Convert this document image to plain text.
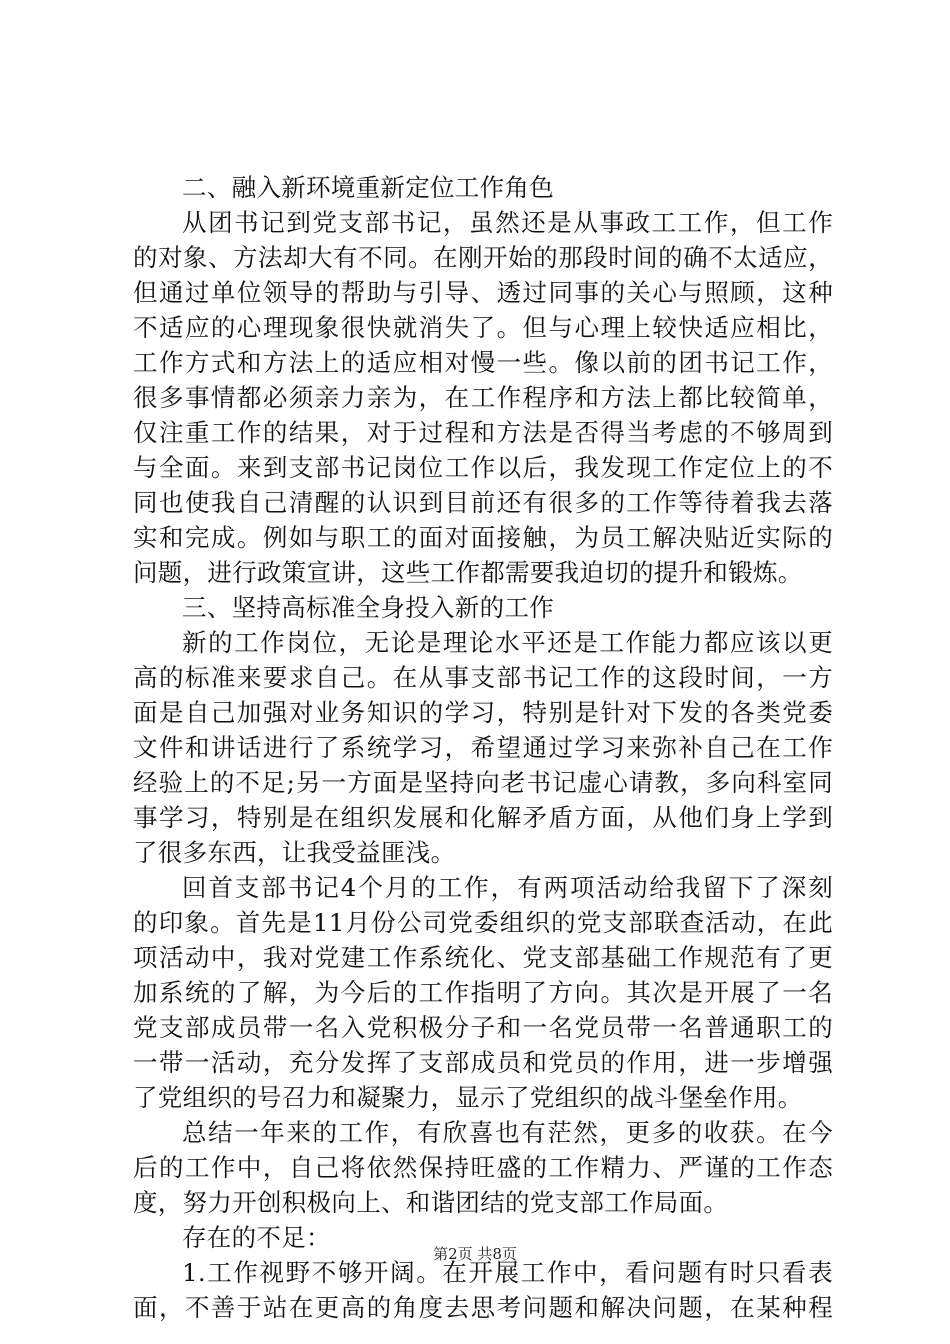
二、融入新环境重新定位工作角色
从团书记到党支部书记，虽然还是从事政工工作，但工作
的对象、方法却大有不同。在刚开始的那段时间的确不太适应，
但通过单位领导的帮助与引导、透过同事的关心与照顾，这种
不适应的心理现象很快就消失了。但与心理上较快适应相比，
工作方式和方法上的适应相对慢一些。像以前的团书记工作，
很多事情都必须亲力亲为，在工作程序和方法上都比较简单，
仅注重工作的结果，对于过程和方法是否得当考虑的不够周到
与全面。来到支部书记岗位工作以后，我发现工作定位上的不
同也使我自己清醒的认识到目前还有很多的工作等待着我去落
实和完成。例如与职工的面对面接触，为员工解决贴近实际的
问题，进行政策宣讲，这些工作都需要我迫切的提升和锻炼。
三、坚持高标准全身投入新的工作
新的工作岗位，无论是理论水平还是工作能力都应该以更
高的标准来要求自己。在从事支部书记工作的这段时间，一方
面是自己加强对业务知识的学习，特别是针对下发的各类党委
文件和讲话进行了系统学习，希望通过学习来弥补自己在工作
经验上的不足;另一方面是坚持向老书记虚心请教，多向科室同
事学习，特别是在组织发展和化解矛盾方面，从他们身上学到
了很多东西，让我受益匪浅。
回首支部书记4个月的工作，有两项活动给我留下了深刻
的印象。首先是11月份公司党委组织的党支部联查活动，在此
项活动中，我对党建工作系统化、党支部基础工作规范有了更
加系统的了解，为今后的工作指明了方向。其次是开展了一名
党支部成员带一名入党积极分子和一名党员带一名普通职工的
一带一活动，充分发挥了支部成员和党员的作用，进一步增强
了党组织的号召力和凝聚力，显示了党组织的战斗堡垒作用。
总结一年来的工作，有欣喜也有茫然，更多的收获。在今
后的工作中，自己将依然保持旺盛的工作精力、严谨的工作态
度，努力开创积极向上、和谐团结的党支部工作局面。
存在的不足：
1.工作视野不够开阔。在开展工作中，看问题有时只看表
面，不善于站在更高的角度去思考问题和解决问题，在某种程
第2页 共8页
